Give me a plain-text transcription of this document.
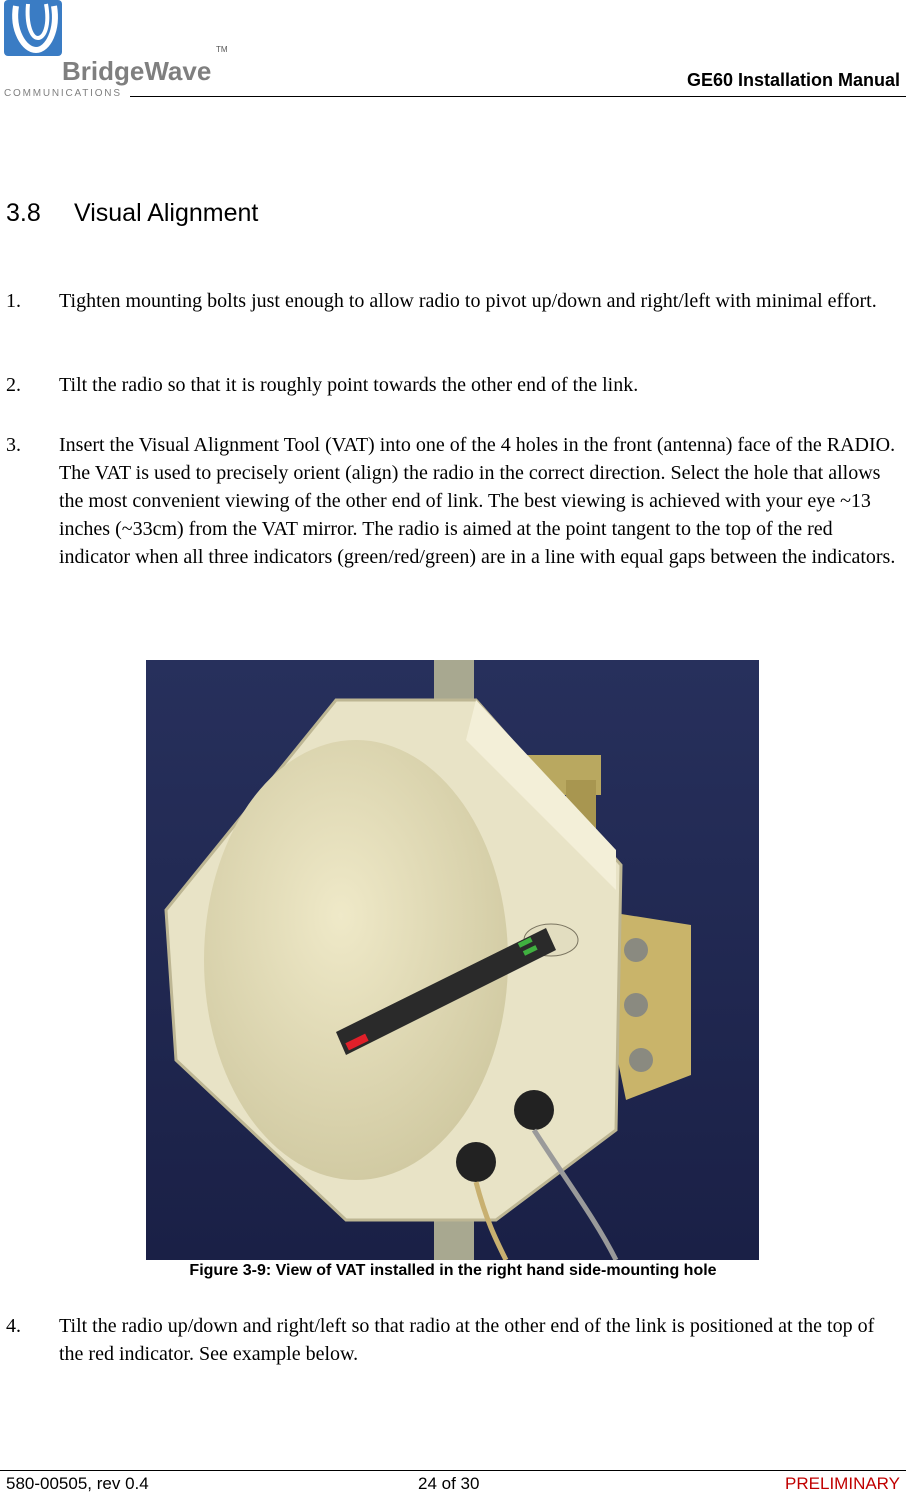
BridgeWave
COMMUNICATIONS
TM
GE60 Installation Manual
3.8 Visual Alignment
1. Tighten mounting bolts just enough to allow radio to pivot up/down and right/left with minimal effort.
2. Tilt the radio so that it is roughly point towards the other end of the link.
3. Insert the Visual Alignment Tool (VAT) into one of the 4 holes in the front (antenna) face of the RADIO. The VAT is used to precisely orient (align) the radio in the correct direction. Select the hole that allows the most convenient viewing of the other end of link. The best viewing is achieved with your eye ~13 inches (~33cm) from the VAT mirror. The radio is aimed at the point tangent to the top of the red indicator when all three indicators (green/red/green) are in a line with equal gaps between the indicators.
Figure 3-9: View of VAT installed in the right hand side-mounting hole
4. Tilt the radio up/down and right/left so that radio at the other end of the link is positioned at the top of the red indicator. See example below.
580-00505, rev 0.4	24 of 30	PRELIMINARY
